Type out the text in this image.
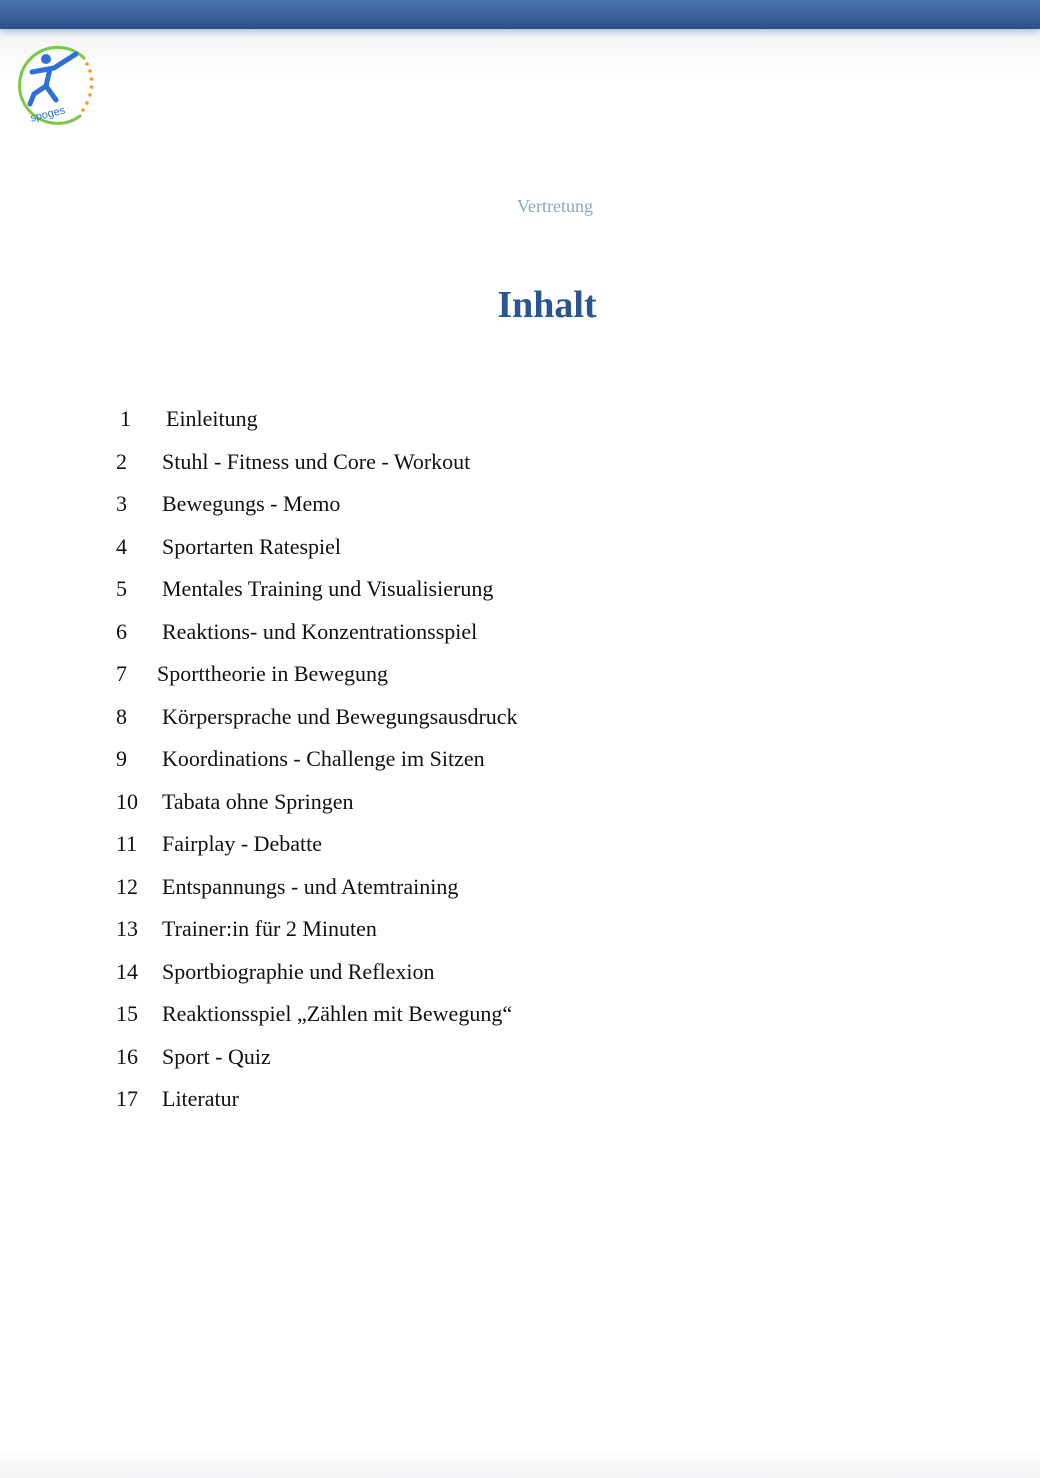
spoges
Vertretung
Inhalt
1 Einleitung
2 Stuhl - Fitness und Core - Workout
3 Bewegungs - Memo
4 Sportarten Ratespiel
5 Mentales Training und Visualisierung
6 Reaktions- und Konzentrationsspiel
7 Sporttheorie in Bewegung
8 Körpersprache und Bewegungsausdruck
9 Koordinations - Challenge im Sitzen
10 Tabata ohne Springen
11 Fairplay - Debatte
12 Entspannungs - und Atemtraining
13 Trainer:in für 2 Minuten
14 Sportbiographie und Reflexion
15 Reaktionsspiel „Zählen mit Bewegung“
16 Sport - Quiz
17 Literatur
